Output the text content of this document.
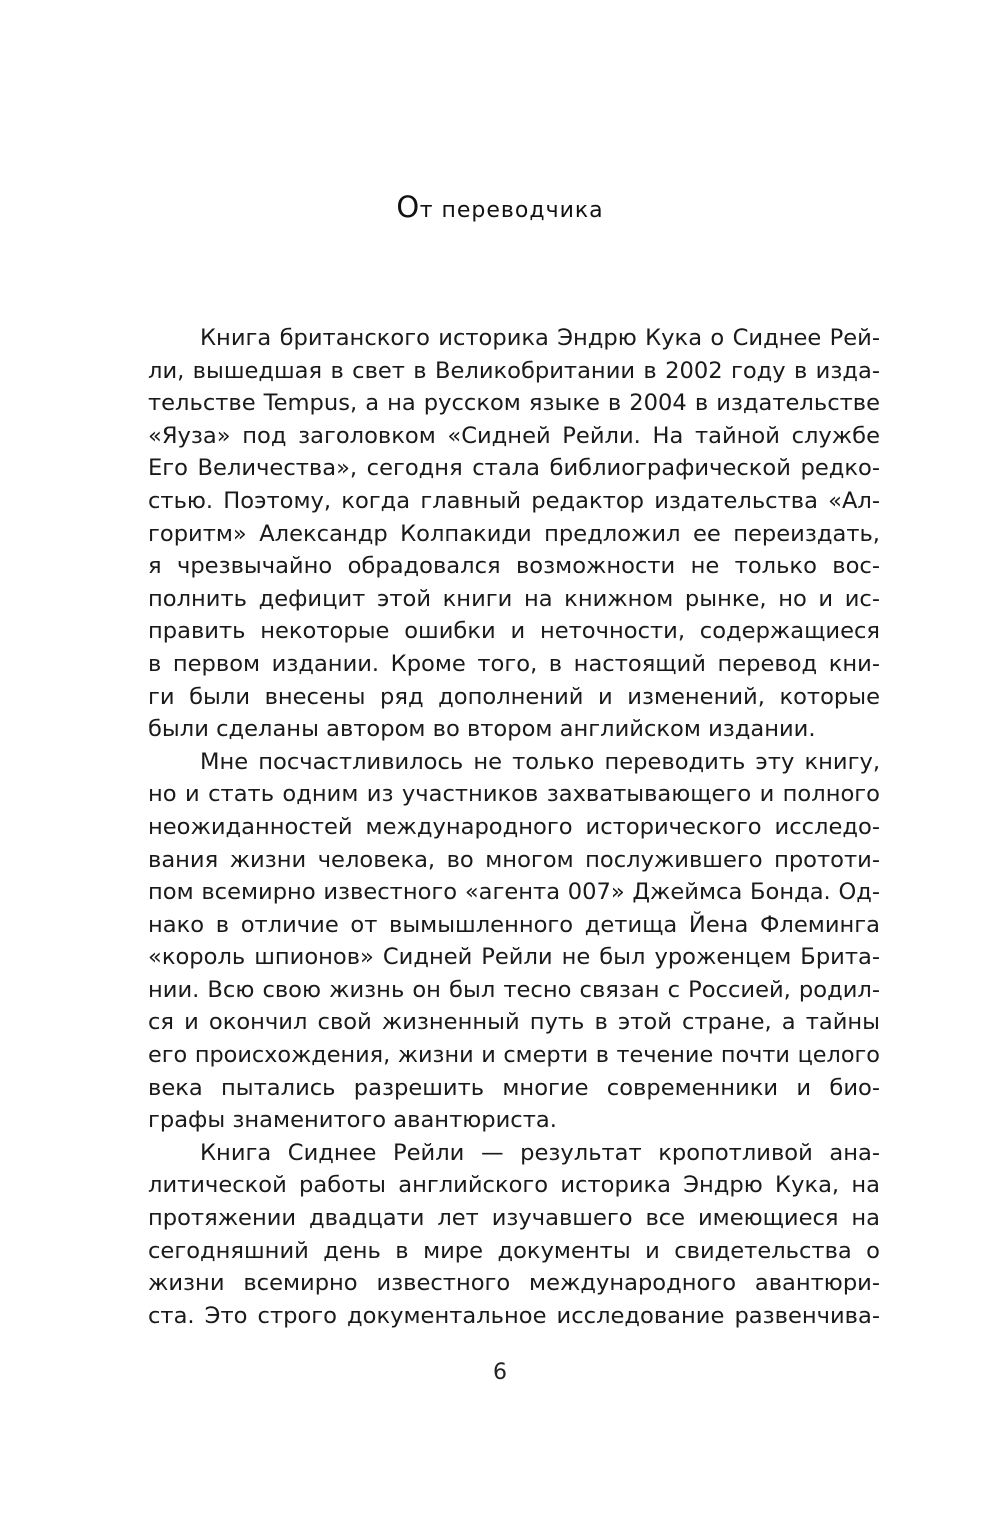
От переводчика
Книга британского историка Эндрю Кука о Сиднее Рей-
ли, вышедшая в свет в Великобритании в 2002 году в изда-
тельстве Tempus, а на русском языке в 2004 в издательстве
«Яуза» под заголовком «Сидней Рейли. На тайной службе
Его Величества», сегодня стала библиографической редко-
стью. Поэтому, когда главный редактор издательства «Ал-
горитм» Александр Колпакиди предложил ее переиздать,
я чрезвычайно обрадовался возможности не только вос-
полнить дефицит этой книги на книжном рынке, но и ис-
править некоторые ошибки и неточности, содержащиеся
в первом издании. Кроме того, в настоящий перевод кни-
ги были внесены ряд дополнений и изменений, которые
были сделаны автором во втором английском издании.
Мне посчастливилось не только переводить эту книгу,
но и стать одним из участников захватывающего и полного
неожиданностей международного исторического исследо-
вания жизни человека, во многом послужившего прототи-
пом всемирно известного «агента 007» Джеймса Бонда. Од-
нако в отличие от вымышленного детища Йена Флеминга
«король шпионов» Сидней Рейли не был уроженцем Брита-
нии. Всю свою жизнь он был тесно связан с Россией, родил-
ся и окончил свой жизненный путь в этой стране, а тайны
его происхождения, жизни и смерти в течение почти целого
века пытались разрешить многие современники и био-
графы знаменитого авантюриста.
Книга Сиднее Рейли — результат кропотливой ана-
литической работы английского историка Эндрю Кука, на
протяжении двадцати лет изучавшего все имеющиеся на
сегодняшний день в мире документы и свидетельства о
жизни всемирно известного международного авантюри-
ста. Это строго документальное исследование развенчива-
6
